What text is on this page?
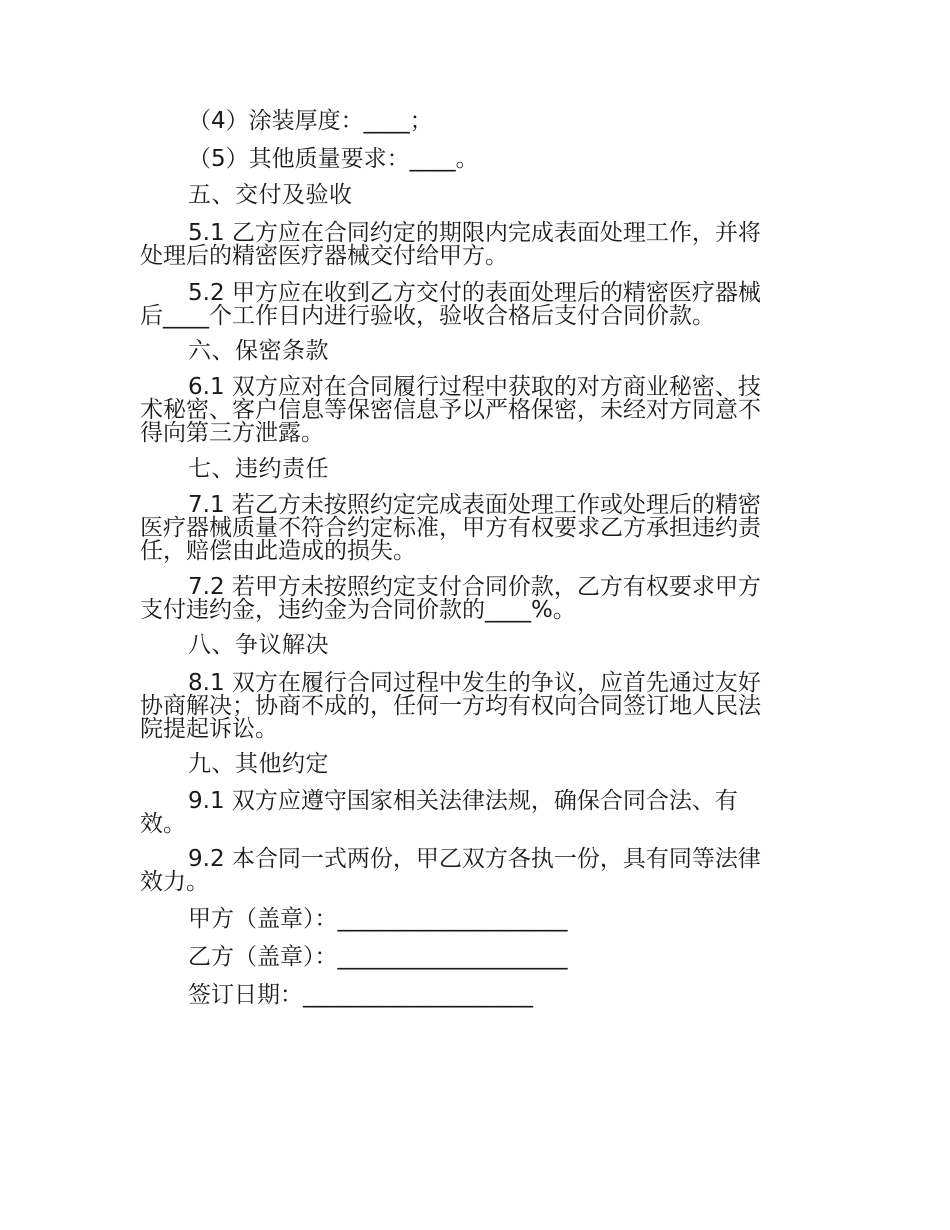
（4）涂装厚度：____；
（5）其他质量要求：____。
五、交付及验收
5.1 乙方应在合同约定的期限内完成表面处理工作，并将
处理后的精密医疗器械交付给甲方。
5.2 甲方应在收到乙方交付的表面处理后的精密医疗器械
后____个工作日内进行验收，验收合格后支付合同价款。
六、保密条款
6.1 双方应对在合同履行过程中获取的对方商业秘密、技
术秘密、客户信息等保密信息予以严格保密，未经对方同意不
得向第三方泄露。
七、违约责任
7.1 若乙方未按照约定完成表面处理工作或处理后的精密
医疗器械质量不符合约定标准，甲方有权要求乙方承担违约责
任，赔偿由此造成的损失。
7.2 若甲方未按照约定支付合同价款，乙方有权要求甲方
支付违约金，违约金为合同价款的____%。
八、争议解决
8.1 双方在履行合同过程中发生的争议，应首先通过友好
协商解决；协商不成的，任何一方均有权向合同签订地人民法
院提起诉讼。
九、其他约定
9.1 双方应遵守国家相关法律法规，确保合同合法、有
效。
9.2 本合同一式两份，甲乙双方各执一份，具有同等法律
效力。
甲方（盖章）：____________________
乙方（盖章）：____________________
签订日期：____________________
